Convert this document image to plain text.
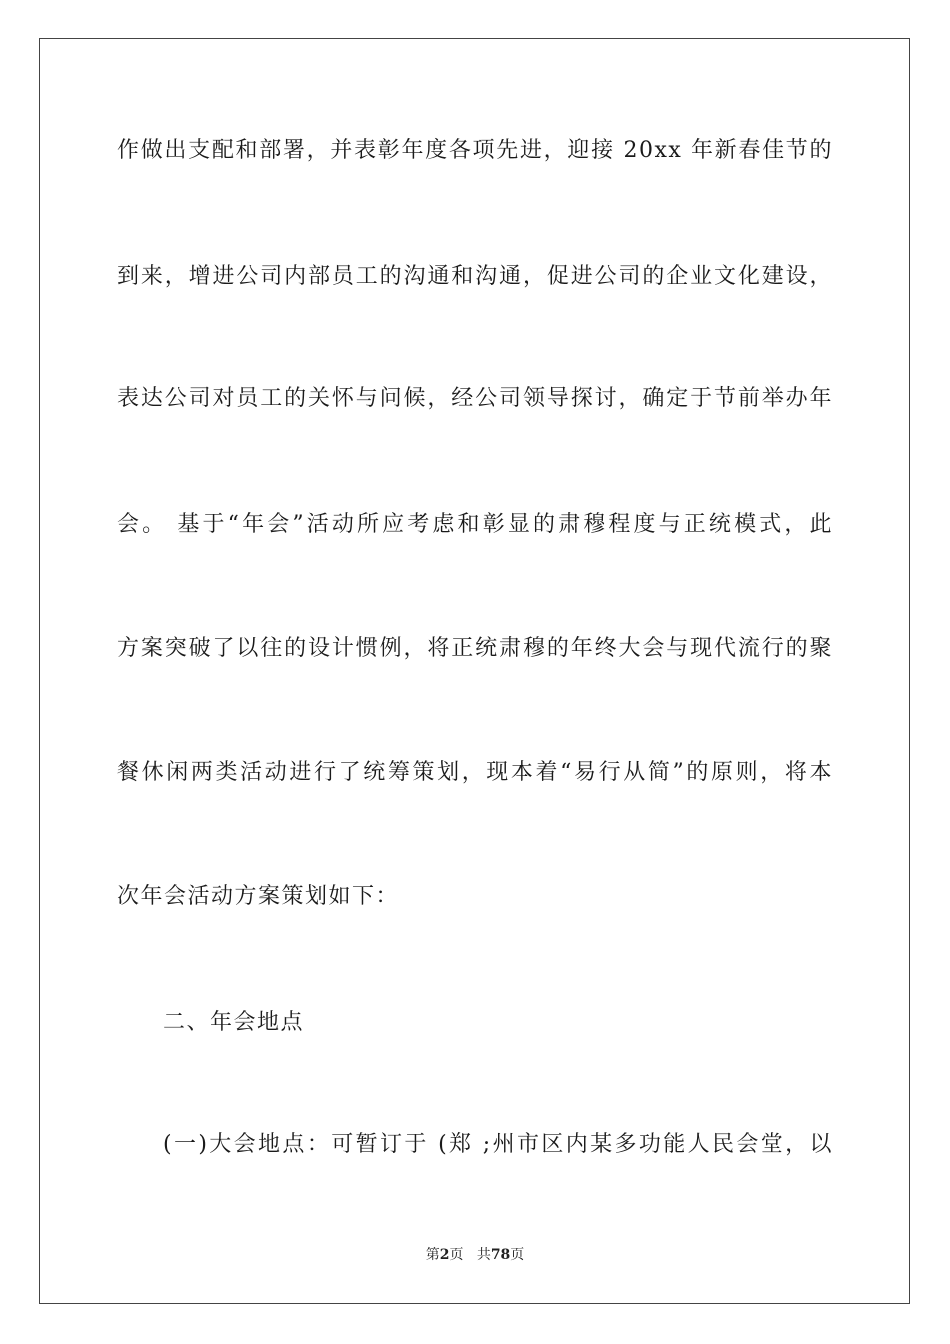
作做出支配和部署，并表彰年度各项先进，迎接 20xx 年新春佳节的
到来，增进公司内部员工的沟通和沟通，促进公司的企业文化建设，
表达公司对员工的关怀与问候，经公司领导探讨，确定于节前举办年
会。 基于“年会”活动所应考虑和彰显的肃穆程度与正统模式，此
方案突破了以往的设计惯例，将正统肃穆的年终大会与现代流行的聚
餐休闲两类活动进行了统筹策划，现本着“易行从简”的原则，将本
次年会活动方案策划如下：
二、年会地点
(一)大会地点：可暂订于 (郑 ;州市区内某多功能人民会堂，以
第2页 共78页
